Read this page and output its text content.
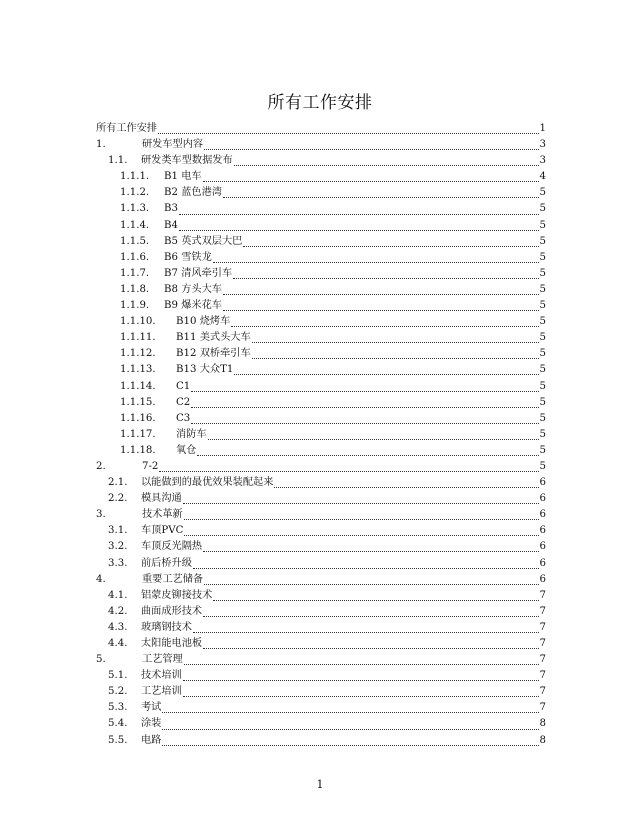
所有工作安排
所有工作安排	1
1.	研发车型内容	3
1.1.	研发类车型数据发布	3
1.1.1.	B1 电车	4
1.1.2.	B2 蓝色港湾	5
1.1.3.	B3	5
1.1.4.	B4	5
1.1.5.	B5 英式双层大巴	5
1.1.6.	B6 雪铁龙	5
1.1.7.	B7 清风牵引车	5
1.1.8.	B8 方头大车	5
1.1.9.	B9 爆米花车	5
1.1.10.	B10 烧烤车	5
1.1.11.	B11 美式头大车	5
1.1.12.	B12 双桥牵引车	5
1.1.13.	B13 大众T1	5
1.1.14.	C1	5
1.1.15.	C2	5
1.1.16.	C3	5
1.1.17.	消防车	5
1.1.18.	氧仓	5
2.	7-2	5
2.1.	以能做到的最优效果装配起来	6
2.2.	模具沟通	6
3.	技术革新	6
3.1.	车顶PVC	6
3.2.	车顶反光隔热	6
3.3.	前后桥升级	6
4.	重要工艺储备	6
4.1.	铝蒙皮铆接技术	7
4.2.	曲面成形技术	7
4.3.	玻璃钢技术	7
4.4.	太阳能电池板	7
5.	工艺管理	7
5.1.	技术培训	7
5.2.	工艺培训	7
5.3.	考试	7
5.4.	涂装	8
5.5.	电路	8
1
